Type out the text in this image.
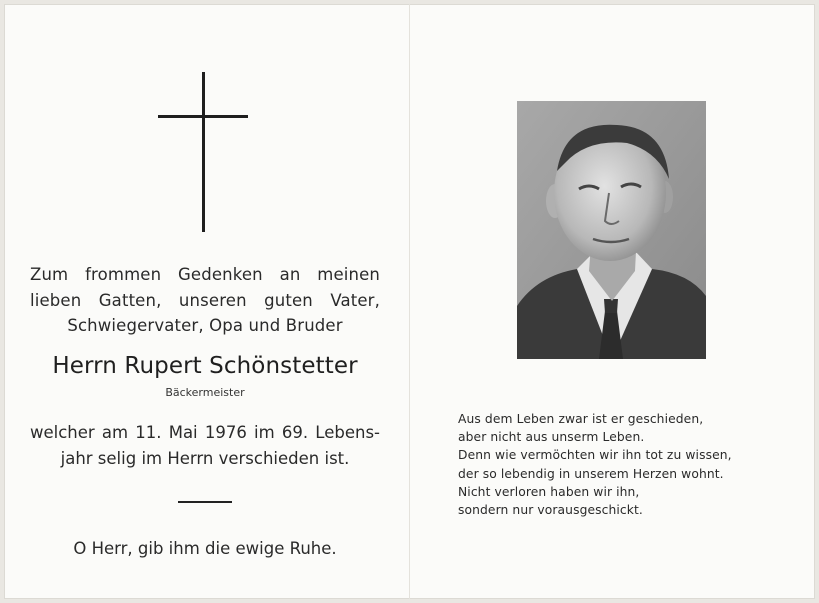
Zum frommen Gedenken an meinen
lieben Gatten, unseren guten Vater,
Schwiegervater, Opa und Bruder
Herrn Rupert Schönstetter
Bäckermeister
welcher am 11. Mai 1976 im 69. Lebens-
jahr selig im Herrn verschieden ist.
O Herr, gib ihm die ewige Ruhe.
Aus dem Leben zwar ist er geschieden,
aber nicht aus unserm Leben.
Denn wie vermöchten wir ihn tot zu wissen,
der so lebendig in unserem Herzen wohnt.
Nicht verloren haben wir ihn,
sondern nur vorausgeschickt.
